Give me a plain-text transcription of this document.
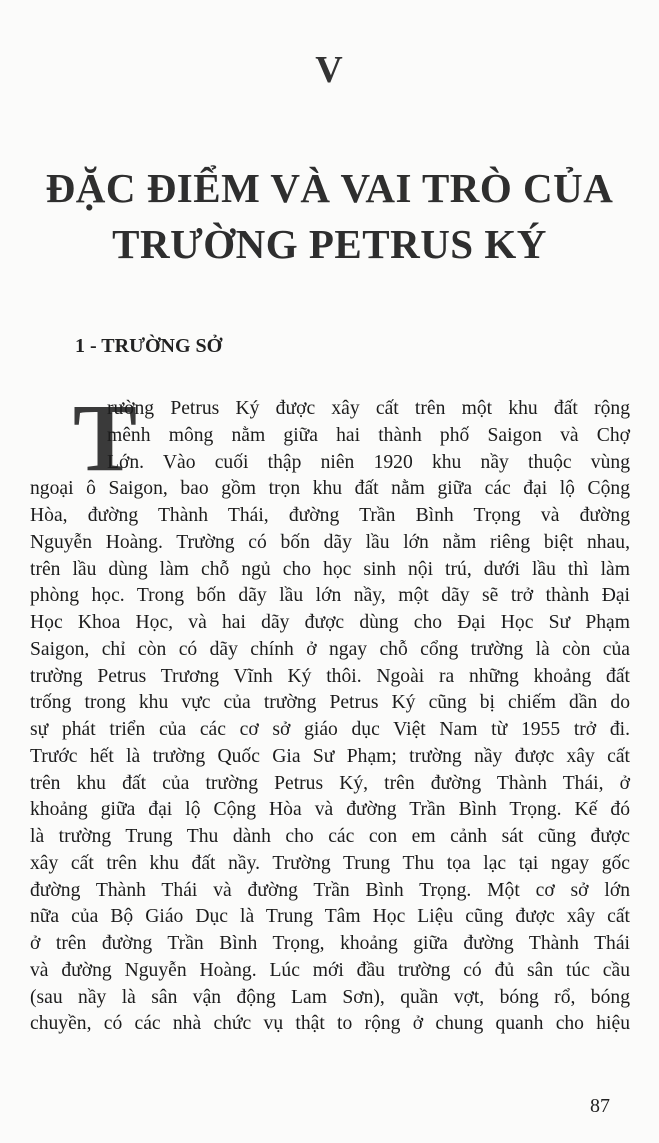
V
ĐẶC ĐIỂM VÀ VAI TRÒ CỦA
TRƯỜNG PETRUS KÝ
1 - TRƯỜNG SỞ
T
rường Petrus Ký được xây cất trên một khu đất rộng
mênh mông nằm giữa hai thành phố Saigon và Chợ
Lớn. Vào cuối thập niên 1920 khu nầy thuộc vùng
ngoại ô Saigon, bao gồm trọn khu đất nằm giữa các đại lộ Cộng
Hòa, đường Thành Thái, đường Trần Bình Trọng và đường
Nguyễn Hoàng. Trường có bốn dãy lầu lớn nằm riêng biệt nhau,
trên lầu dùng làm chỗ ngủ cho học sinh nội trú, dưới lầu thì làm
phòng học. Trong bốn dãy lầu lớn nầy, một dãy sẽ trở thành Đại
Học Khoa Học, và hai dãy được dùng cho Đại Học Sư Phạm
Saigon, chỉ còn có dãy chính ở ngay chỗ cổng trường là còn của
trường Petrus Trương Vĩnh Ký thôi. Ngoài ra những khoảng đất
trống trong khu vực của trường Petrus Ký cũng bị chiếm dần do
sự phát triển của các cơ sở giáo dục Việt Nam từ 1955 trở đi.
Trước hết là trường Quốc Gia Sư Phạm; trường nầy được xây cất
trên khu đất của trường Petrus Ký, trên đường Thành Thái, ở
khoảng giữa đại lộ Cộng Hòa và đường Trần Bình Trọng. Kế đó
là trường Trung Thu dành cho các con em cảnh sát cũng được
xây cất trên khu đất nầy. Trường Trung Thu tọa lạc tại ngay gốc
đường Thành Thái và đường Trần Bình Trọng. Một cơ sở lớn
nữa của Bộ Giáo Dục là Trung Tâm Học Liệu cũng được xây cất
ở trên đường Trần Bình Trọng, khoảng giữa đường Thành Thái
và đường Nguyễn Hoàng. Lúc mới đầu trường có đủ sân túc cầu
(sau nầy là sân vận động Lam Sơn), quần vợt, bóng rổ, bóng
chuyền, có các nhà chức vụ thật to rộng ở chung quanh cho hiệu
87
